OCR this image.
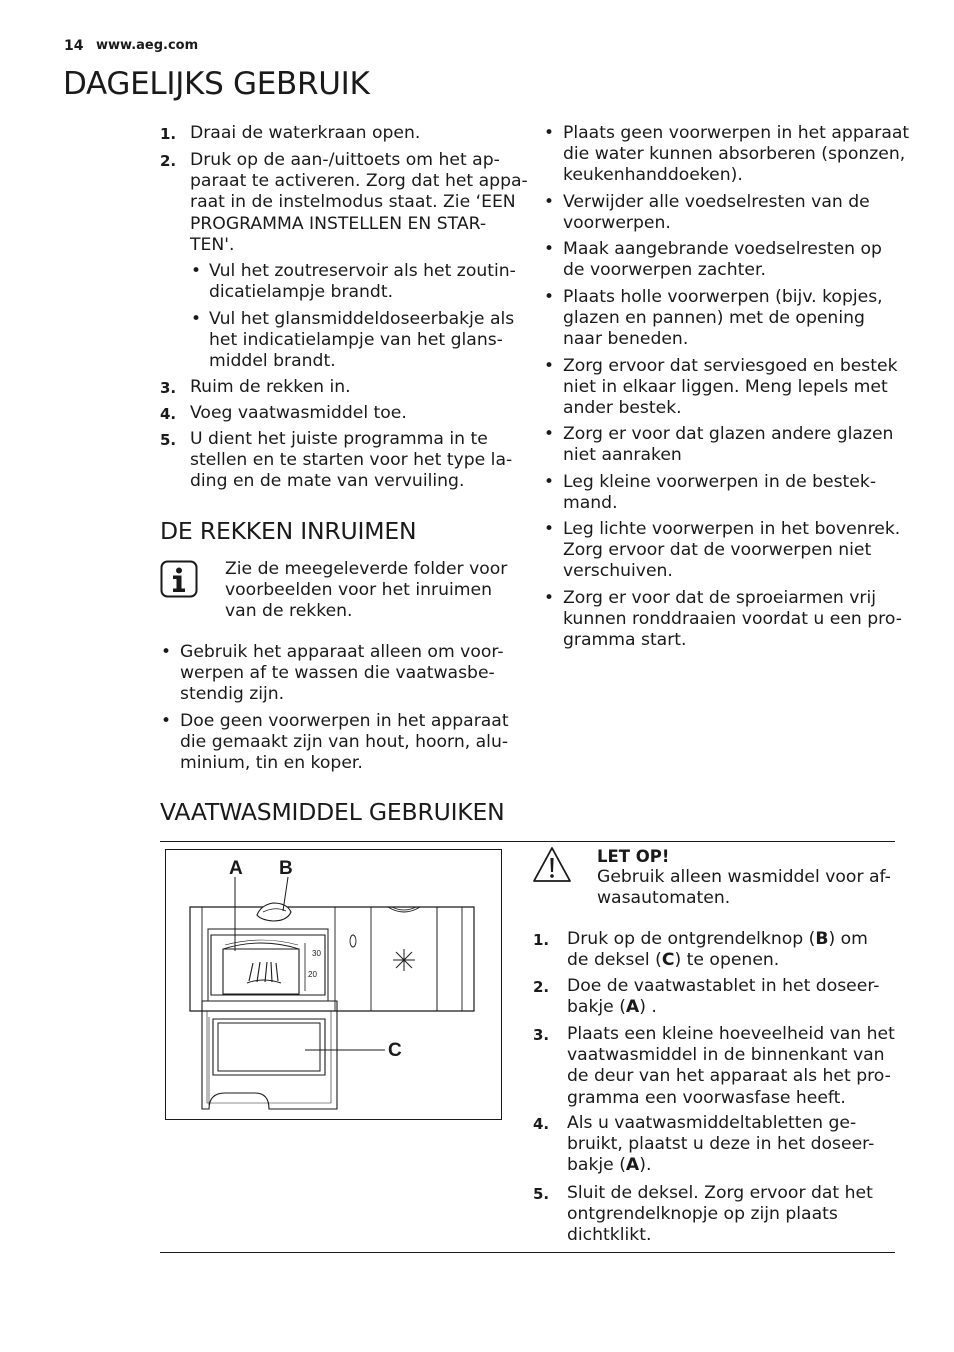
14 www.aeg.com
DAGELIJKS GEBRUIK
1. Draai de waterkraan open.
2. Druk op de aan-/uittoets om het ap-
paraat te activeren. Zorg dat het appa-
raat in de instelmodus staat. Zie ‘EEN
PROGRAMMA INSTELLEN EN STAR-
TEN'.
3. Ruim de rekken in.
4. Voeg vaatwasmiddel toe.
5. U dient het juiste programma in te
stellen en te starten voor het type la-
ding en de mate van vervuiling.
• Vul het zoutreservoir als het zoutin-
dicatielampje brandt.
• Vul het glansmiddeldoseerbakje als
het indicatielampje van het glans-
middel brandt.
DE REKKEN INRUIMEN
Zie de meegeleverde folder voor
voorbeelden voor het inruimen
van de rekken.
• Gebruik het apparaat alleen om voor-
werpen af te wassen die vaatwasbe-
stendig zijn.
• Doe geen voorwerpen in het apparaat
die gemaakt zijn van hout, hoorn, alu-
minium, tin en koper.
• Plaats geen voorwerpen in het apparaat
die water kunnen absorberen (sponzen,
keukenhanddoeken).
• Verwijder alle voedselresten van de
voorwerpen.
• Maak aangebrande voedselresten op
de voorwerpen zachter.
• Plaats holle voorwerpen (bijv. kopjes,
glazen en pannen) met de opening
naar beneden.
• Zorg ervoor dat serviesgoed en bestek
niet in elkaar liggen. Meng lepels met
ander bestek.
• Zorg er voor dat glazen andere glazen
niet aanraken
• Leg kleine voorwerpen in de bestek-
mand.
• Leg lichte voorwerpen in het bovenrek.
Zorg ervoor dat de voorwerpen niet
verschuiven.
• Zorg er voor dat de sproeiarmen vrij
kunnen ronddraaien voordat u een pro-
gramma start.
VAATWASMIDDEL GEBRUIKEN
30
20
A B
C
LET OP!
Gebruik alleen wasmiddel voor af-
wasautomaten.
1. Druk op de ontgrendelknop (B) om
de deksel (C) te openen.
2. Doe de vaatwastablet in het doseer-
bakje (A) .
3. Plaats een kleine hoeveelheid van het
vaatwasmiddel in de binnenkant van
de deur van het apparaat als het pro-
gramma een voorwasfase heeft.
4. Als u vaatwasmiddeltabletten ge-
bruikt, plaatst u deze in het doseer-
bakje (A).
5. Sluit de deksel. Zorg ervoor dat het
ontgrendelknopje op zijn plaats
dichtklikt.
